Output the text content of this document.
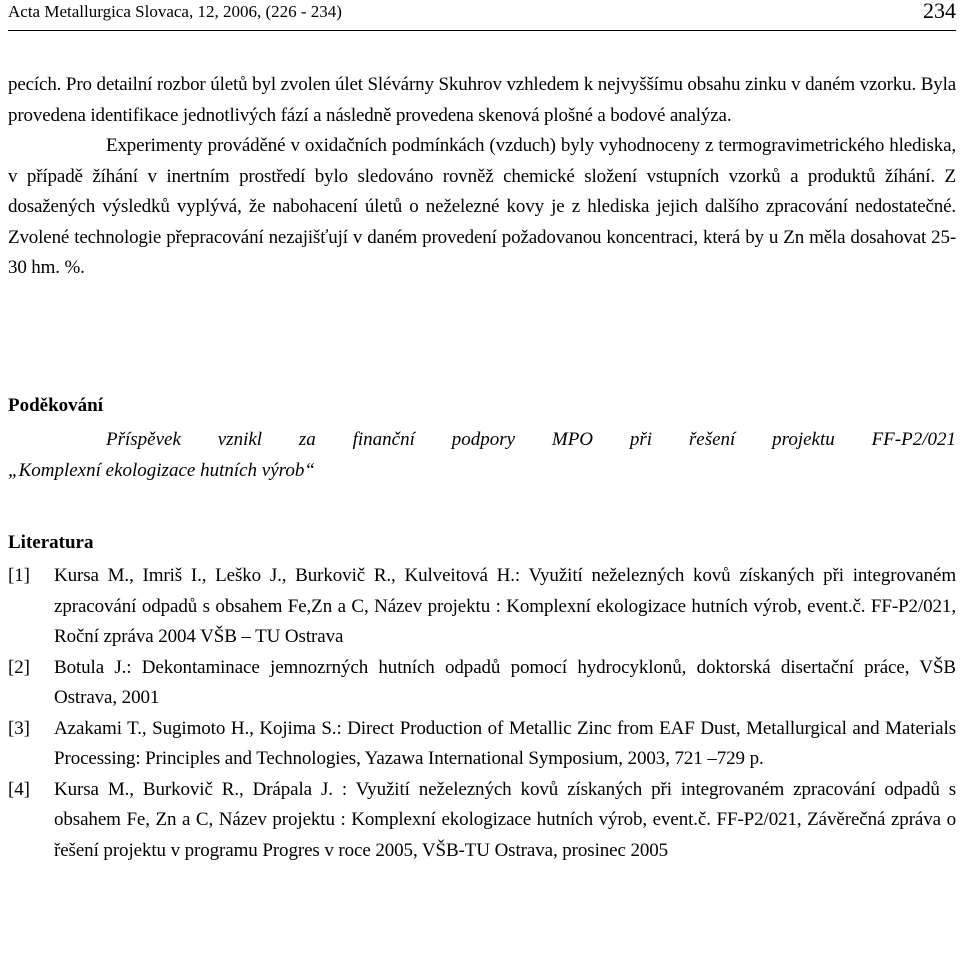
Acta Metallurgica Slovaca, 12, 2006, (226 - 234)	234

pecích. Pro detailní rozbor úletů byl zvolen úlet Slévárny Skuhrov vzhledem k nejvyššímu obsahu zinku v daném vzorku. Byla provedena identifikace jednotlivých fází a následně provedena skenová plošné a bodové analýza.

Experimenty prováděné v oxidačních podmínkách (vzduch) byly vyhodnoceny z termogravimetrického hlediska, v případě žíhání v inertním prostředí bylo sledováno rovněž chemické složení vstupních vzorků a produktů žíhání. Z dosažených výsledků vyplývá, že nabohacení úletů o neželezné kovy je z hlediska jejich dalšího zpracování nedostatečné. Zvolené technologie přepracování nezajišťují v daném provedení požadovanou koncentraci, která by u Zn měla dosahovat 25-30 hm. %.

Poděkování
Příspěvek vznikl za finanční podpory MPO při řešení projektu FF-P2/021
„Komplexní ekologizace hutních výrob“
Literatura
[1] Kursa M., Imriš I., Leško J., Burkovič R., Kulveitová H.: Využití neželezných kovů získaných při integrovaném zpracování odpadů s obsahem Fe,Zn a C, Název projektu : Komplexní ekologizace hutních výrob, event.č. FF-P2/021, Roční zpráva 2004 VŠB – TU Ostrava
[2] Botula J.: Dekontaminace jemnozrných hutních odpadů pomocí hydrocyklonů, doktorská disertační práce, VŠB Ostrava, 2001
[3] Azakami T., Sugimoto H., Kojima S.: Direct Production of Metallic Zinc from EAF Dust, Metallurgical and Materials Processing: Principles and Technologies, Yazawa International Symposium, 2003, 721 –729 p.
[4] Kursa M., Burkovič R., Drápala J. : Využití neželezných kovů získaných při integrovaném zpracování odpadů s obsahem Fe, Zn a C, Název projektu : Komplexní ekologizace hutních výrob, event.č. FF-P2/021, Závěrečná zpráva o řešení projektu v programu Progres v roce 2005, VŠB-TU Ostrava, prosinec 2005
